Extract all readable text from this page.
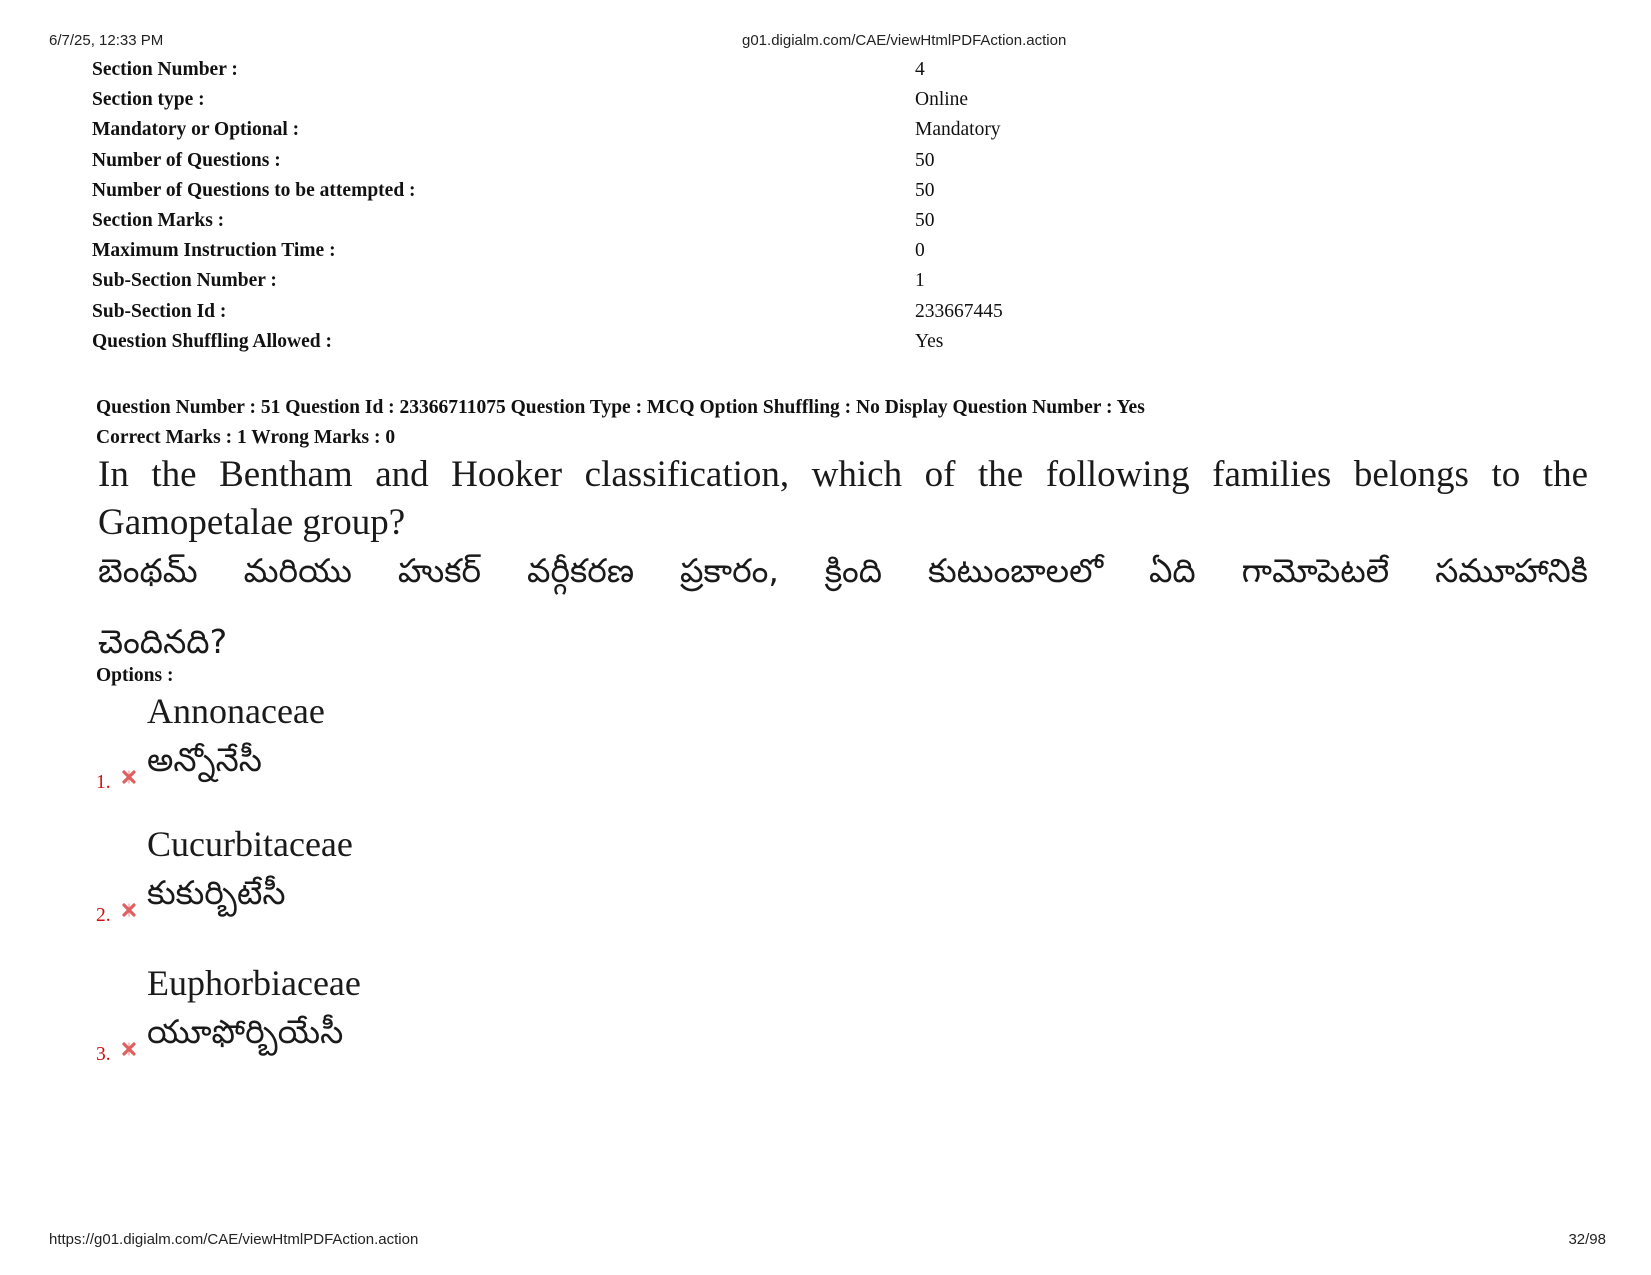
6/7/25, 12:33 PM	g01.digialm.com/CAE/viewHtmlPDFAction.action
Section Number :	4
Section type :	Online
Mandatory or Optional :	Mandatory
Number of Questions :	50
Number of Questions to be attempted :	50
Section Marks :	50
Maximum Instruction Time :	0
Sub-Section Number :	1
Sub-Section Id :	233667445
Question Shuffling Allowed :	Yes
Question Number : 51 Question Id : 23366711075 Question Type : MCQ Option Shuffling : No Display Question Number : Yes
Correct Marks : 1 Wrong Marks : 0
In the Bentham and Hooker classification, which of the following families belongs to the
Gamopetalae group?
బెంథమ్ మరియు హుకర్ వర్గీకరణ ప్రకారం, క్రింది కుటుంబాలలో ఏది గామోపెటలే సమూహానికి
చెందినది?
Options :
Annonaceae
అన్నోనేసీ
1.
Cucurbitaceae
కుకుర్బిటేసీ
2.
Euphorbiaceae
యూఫోర్బియేసీ
3.
https://g01.digialm.com/CAE/viewHtmlPDFAction.action	32/98
